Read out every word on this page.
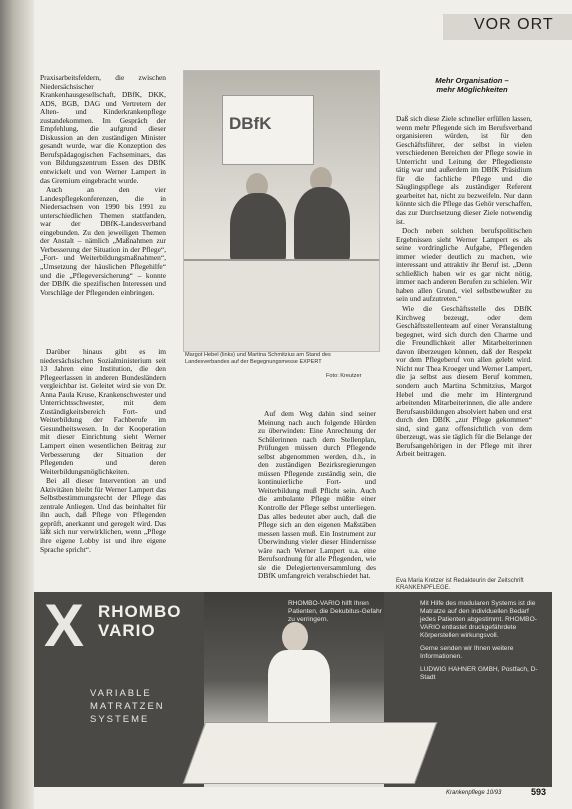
VOR ORT

Praxisarbeitsfeldern, die zwischen Niedersächsischer Krankenhausgesellschaft, DBfK, DKK, ADS, BGB, DAG und Vertretern der Alten- und Kinderkrankenpflege zustandekommen. Im Gespräch der Empfehlung, die aufgrund dieser Diskussion an den zuständigen Minister gesandt wurde, war die Konzeption des Berufspädagogischen Fachseminars, das von Bildungszentrum Essen des DBfK entwickelt und von Werner Lampert in das Gremium eingebracht wurde.

Auch an den vier Landespflegekonferenzen, die in Niedersachsen von 1990 bis 1991 zu unterschiedlichen Themen stattfanden, war der DBfK-Landesverband eingebunden. Zu den jeweiligen Themen der Anstalt – nämlich „Maßnahmen zur Verbesserung der Situation in der Pflege“, „Fort- und Weiterbildungsmaßnahmen“, „Umsetzung der häuslichen Pflegehilfe“ und die „Pflegeversicherung“ – konnte der DBfK die spezifischen Interessen und Vorschläge der Pflegenden einbringen.

Darüber hinaus gibt es im niedersächsischen Sozialministerium seit 13 Jahren eine Institution, die den Pflegeerlassen in anderen Bundesländern vergleichbar ist. Geleitet wird sie von Dr. Anna Paula Kruse, Krankenschwester und Unterrichtsschwester, mit dem Zuständigkeitsbereich Fort- und Weiterbildung der Fachberufe im Gesundheitswesen. In der Kooperation mit dieser Einrichtung sieht Werner Lampert einen wesentlichen Beitrag zur Verbesserung der Situation der Pflegenden und deren Weiterbildungsmöglichkeiten.

Bei all dieser Intervention an und Aktivitäten bleibt für Werner Lampert das Selbstbestimmungsrecht der Pflege das zentrale Anliegen. Und das beinhaltet für ihn auch, daß Pflege von Pflegenden geprüft, anerkannt und geregelt wird. Das läßt sich nur verwirklichen, wenn „Pflege ihre eigene Lobby ist und ihre eigene Sprache spricht“.

DBfK
Margot Hebel (links) und Martina Schmitzius am Stand des Landesverbandes auf der Begegnungsmesse EXPERT
Foto: Kreutzer

Auf dem Weg dahin sind seiner Meinung nach auch folgende Hürden zu überwinden: Eine Anrechnung der Schülerinnen nach dem Stellenplan, Prüfungen müssen durch Pflegende selbst abgenommen werden, d.h., in den zuständigen Bezirksregierungen müssen Pflegende zuständig sein, die kontinuierliche Fort- und Weiterbildung muß Pflicht sein. Auch die ambulante Pflege müßte einer Kontrolle der Pflege selbst unterliegen. Das alles bedeutet aber auch, daß die Pflege sich an den eigenen Maßstäben messen lassen muß. Ein Instrument zur Überwindung vieler dieser Hindernisse wäre nach Werner Lampert u.a. eine Berufsordnung für alle Pflegenden, wie sie die Delegiertenversammlung des DBfK umfangreich verabschiedet hat.

Mehr Organisation –
mehr Möglichkeiten

Daß sich diese Ziele schneller erfüllen lassen, wenn mehr Pflegende sich im Berufsverband organisieren würden, ist für den Geschäftsführer, der selbst in vielen verschiedenen Bereichen der Pflege sowie in Unterricht und Leitung der Pflegedienste tätig war und außerdem im DBfK Präsidium für die fachliche Pflege und die Säuglingspflege als zuständiger Referent gearbeitet hat, nicht zu bezweifeln. Nur dann könnte sich die Pflege das Gehör verschaffen, das zur Durchsetzung dieser Ziele notwendig ist.

Doch neben solchen berufspolitischen Ergebnissen sieht Werner Lampert es als seine vordringliche Aufgabe, Pflegenden immer wieder deutlich zu machen, wie interessant und attraktiv ihr Beruf ist. „Denn schließlich haben wir es gar nicht nötig, immer nach anderen Berufen zu schielen. Wir haben allen Grund, viel selbstbewußter zu sein und aufzutreten.“

Wie die Geschäftsstelle des DBfK Kirchweg bezeugt, oder dem Geschäftsstellenteam auf einer Veranstaltung begegnet, wird sich durch den Charme und die Freundlichkeit aller Mitarbeiterinnen davon überzeugen können, daß der Respekt vor dem Pflegeberuf von allen gelebt wird. Nicht nur Thea Kroeger und Werner Lampert, die ja selbst aus diesem Beruf kommen, sondern auch Martina Schmitzius, Margot Hebel und die mehr im Hintergrund arbeitenden Mitarbeiterinnen, die alle andere Berufsausbildungen absolviert haben und erst durch den DBfK „zur Pflege gekommen“ sind, sind ganz offensichtlich von dem überzeugt, was sie täglich für die Belange der Berufsangehörigen in der Pflege mit ihrer Arbeit beitragen.

Eva Maria Kretzer ist Redakteurin der Zeitschrift
KRANKENPFLEGE.
X RHOMBO
VARIO
VARIABLE
MATRATZEN
SYSTEME
RHOMBO-VARIO hilft Ihren Patienten, die Dekubitus-Gefahr zu verringern.

Mit Hilfe des modularen Systems ist die Matratze auf den individuellen Bedarf jedes Patienten abgestimmt. RHOMBO-VARIO entlastet druckgefährdete Körperstellen wirkungsvoll.

Gerne senden wir Ihnen weitere Informationen.

LUDWIG HAHNER GMBH, Postfach, D-Stadt

Krankenpflege 10/93	593
